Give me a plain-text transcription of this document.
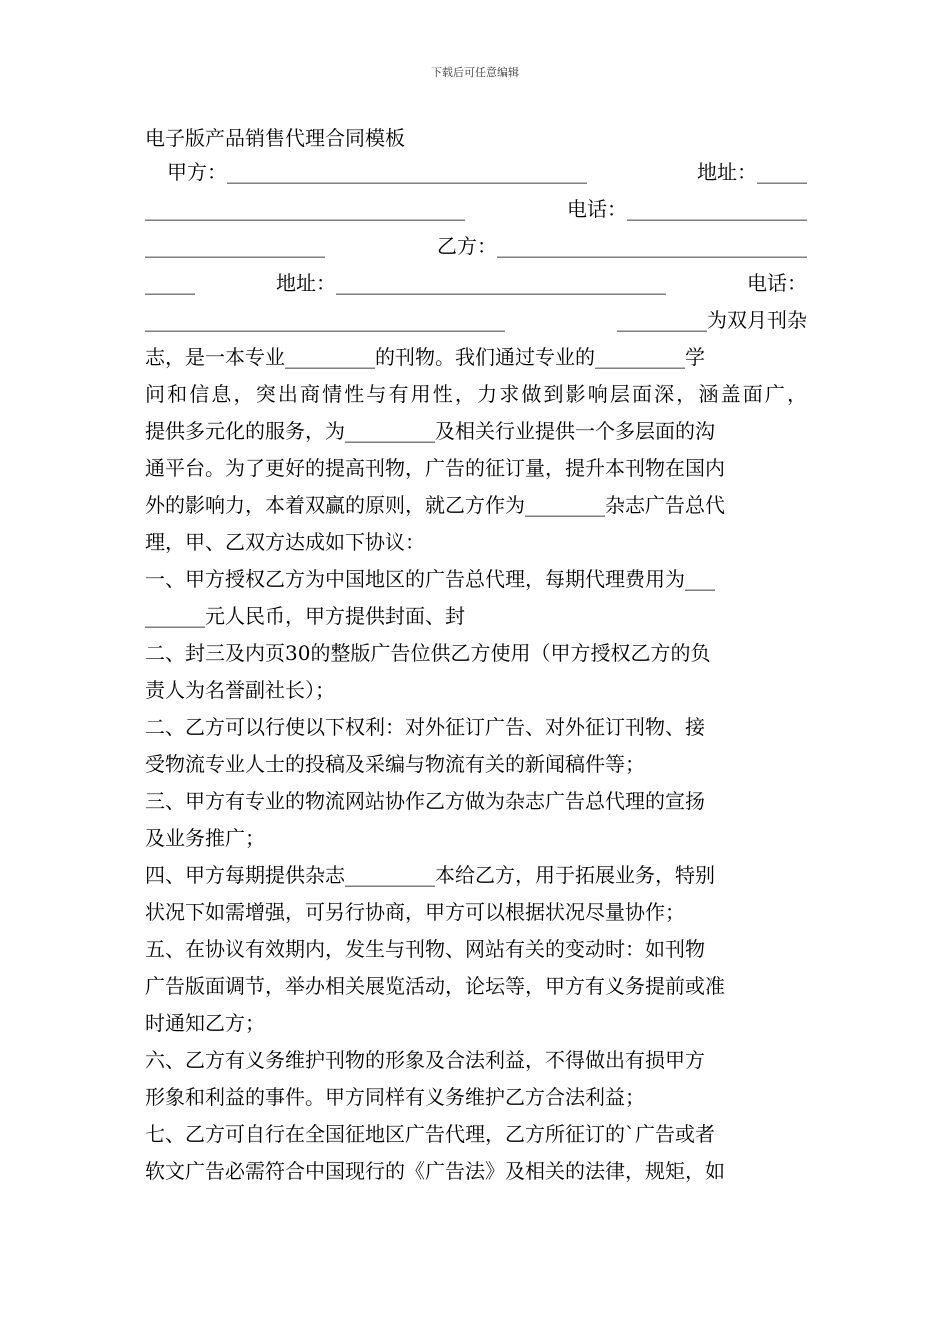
下载后可任意编辑
电子版产品销售代理合同模板
甲方：____________________________________	地址：_____
________________________________	电话：__________________
__________________	乙方：_______________________________
_____	地址：_________________________________	电话：
____________________________________	_________为双月刊杂
志，是一本专业_________的刊物。我们通过专业的_________学
问和信息，突出商情性与有用性，力求做到影响层面深，涵盖面广，
提供多元化的服务，为_________及相关行业提供一个多层面的沟
通平台。为了更好的提高刊物，广告的征订量，提升本刊物在国内
外的影响力，本着双赢的原则，就乙方作为________杂志广告总代
理，甲、乙双方达成如下协议：
一、甲方授权乙方为中国地区的广告总代理，每期代理费用为___
______元人民币，甲方提供封面、封
二、封三及内页30的整版广告位供乙方使用（甲方授权乙方的负
责人为名誉副社长）；
二、乙方可以行使以下权利：对外征订广告、对外征订刊物、接
受物流专业人士的投稿及采编与物流有关的新闻稿件等；
三、甲方有专业的物流网站协作乙方做为杂志广告总代理的宣扬
及业务推广；
四、甲方每期提供杂志_________本给乙方，用于拓展业务，特别
状况下如需增强，可另行协商，甲方可以根据状况尽量协作；
五、在协议有效期内，发生与刊物、网站有关的变动时：如刊物
广告版面调节，举办相关展览活动，论坛等，甲方有义务提前或准
时通知乙方；
六、乙方有义务维护刊物的形象及合法利益，不得做出有损甲方
形象和利益的事件。甲方同样有义务维护乙方合法利益；
七、乙方可自行在全国征地区广告代理，乙方所征订的`广告或者
软文广告必需符合中国现行的《广告法》及相关的法律，规矩，如
